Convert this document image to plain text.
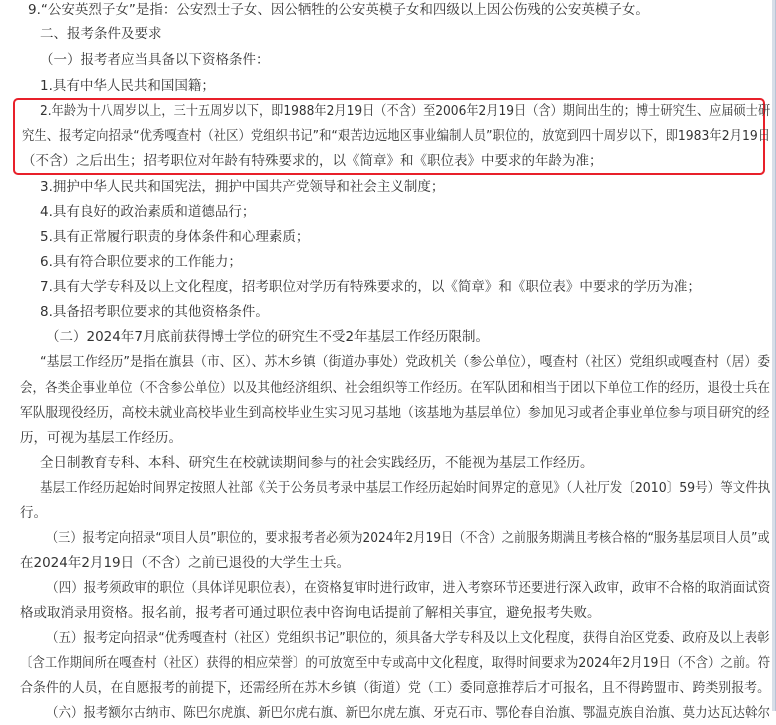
9.“公安英烈子女”是指：公安烈士子女、因公牺牲的公安英模子女和四级以上因公伤残的公安英模子女。

二、报考条件及要求

（一）报考者应当具备以下资格条件：

1.具有中华人民共和国国籍；

2.年龄为十八周岁以上，三十五周岁以下，即1988年2月19日（不含）至2006年2月19日（含）期间出生的；博士研究生、应届硕士研

究生、报考定向招录“优秀嘎查村（社区）党组织书记”和“艰苦边远地区事业编制人员”职位的，放宽到四十周岁以下，即1983年2月19日

（不含）之后出生；招考职位对年龄有特殊要求的，以《简章》和《职位表》中要求的年龄为准；

3.拥护中华人民共和国宪法，拥护中国共产党领导和社会主义制度；

4.具有良好的政治素质和道德品行；

5.具有正常履行职责的身体条件和心理素质；

6.具有符合职位要求的工作能力；

7.具有大学专科及以上文化程度，招考职位对学历有特殊要求的，以《简章》和《职位表》中要求的学历为准；

8.具备招考职位要求的其他资格条件。

（二）2024年7月底前获得博士学位的研究生不受2年基层工作经历限制。

“基层工作经历”是指在旗县（市、区）、苏木乡镇（街道办事处）党政机关（参公单位），嘎查村（社区）党组织或嘎查村（居）委

会，各类企事业单位（不含参公单位）以及其他经济组织、社会组织等工作经历。在军队团和相当于团以下单位工作的经历，退役士兵在

军队服现役经历，高校未就业高校毕业生到高校毕业生实习见习基地（该基地为基层单位）参加见习或者企事业单位参与项目研究的经

历，可视为基层工作经历。

全日制教育专科、本科、研究生在校就读期间参与的社会实践经历，不能视为基层工作经历。

基层工作经历起始时间界定按照人社部《关于公务员考录中基层工作经历起始时间界定的意见》（人社厅发〔2010〕59号）等文件执

行。

（三）报考定向招录“项目人员”职位的，要求报考者必须为2024年2月19日（不含）之前服务期满且考核合格的“服务基层项目人员”或

在2024年2月19日（不含）之前已退役的大学生士兵。

（四）报考须政审的职位（具体详见职位表），在资格复审时进行政审，进入考察环节还要进行深入政审，政审不合格的取消面试资

格或取消录用资格。报名前，报考者可通过职位表中咨询电话提前了解相关事宜，避免报考失败。

（五）报考定向招录“优秀嘎查村（社区）党组织书记”职位的，须具备大学专科及以上文化程度，获得自治区党委、政府及以上表彰

〔含工作期间所在嘎查村（社区）获得的相应荣誉〕的可放宽至中专或高中文化程度，取得时间要求为2024年2月19日（不含）之前。符

合条件的人员，在自愿报考的前提下，还需经所在苏木乡镇（街道）党（工）委同意推荐后才可报名，且不得跨盟市、跨类别报考。

（六）报考额尔古纳市、陈巴尔虎旗、新巴尔虎右旗、新巴尔虎左旗、牙克石市、鄂伦春自治旗、鄂温克族自治旗、莫力达瓦达斡尔
